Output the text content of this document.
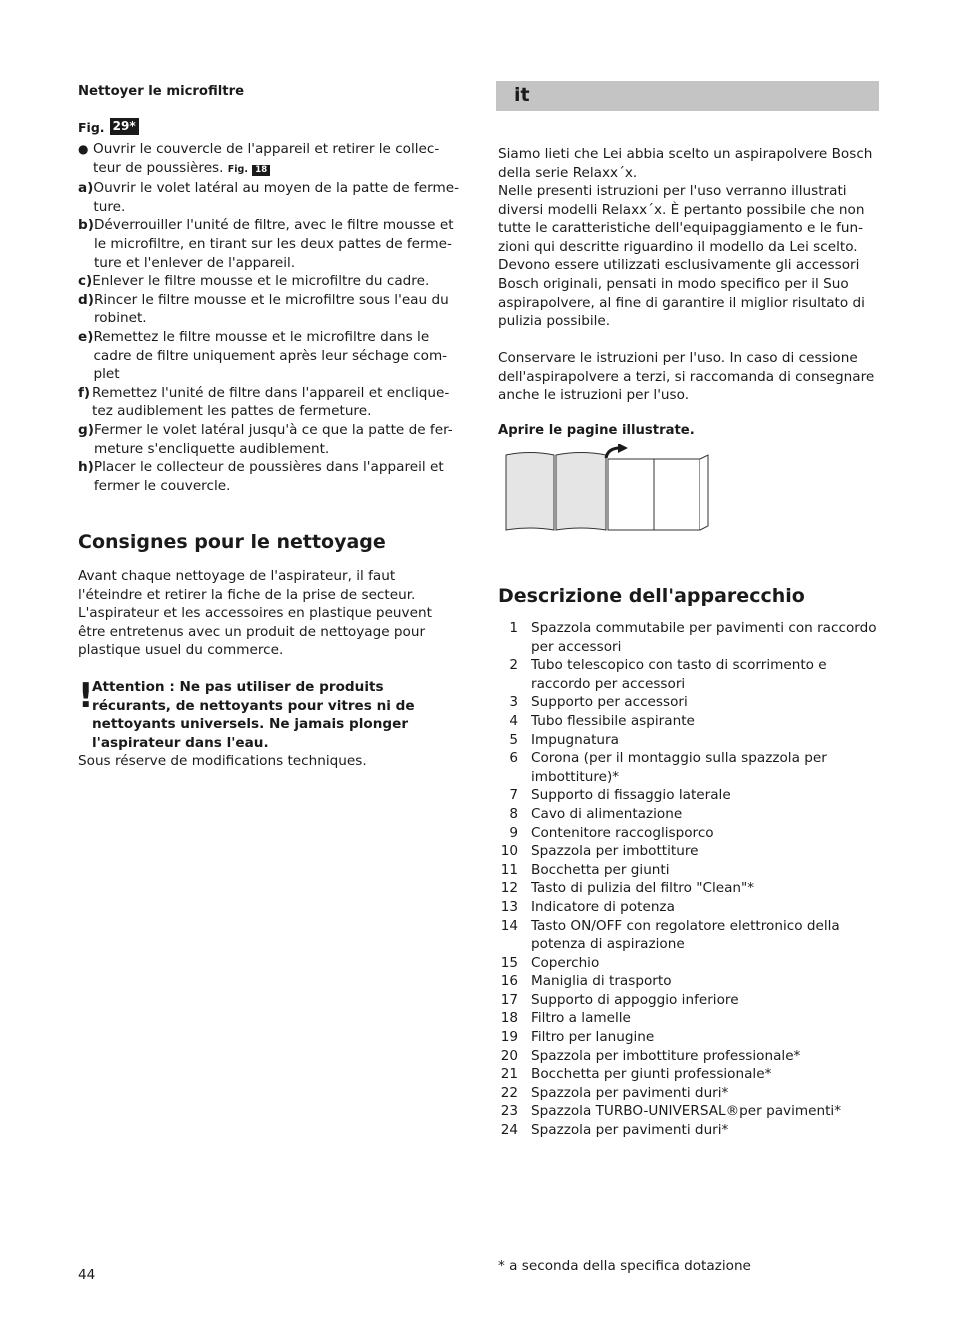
Nettoyer le microfiltre
Fig. 29*
● Ouvrir le couvercle de l'appareil et retirer le collec-teur de poussières. Fig. 18
a) Ouvrir le volet latéral au moyen de la patte de ferme-ture.
b) Déverrouiller l'unité de filtre, avec le filtre mousse et le microfiltre, en tirant sur les deux pattes de ferme-ture et l'enlever de l'appareil.
c) Enlever le filtre mousse et le microfiltre du cadre.
d) Rincer le filtre mousse et le microfiltre sous l'eau du robinet.
e) Remettez le filtre mousse et le microfiltre dans le cadre de filtre uniquement après leur séchage com-plet
f) Remettez l'unité de filtre dans l'appareil et enclique-tez audiblement les pattes de fermeture.
g) Fermer le volet latéral jusqu'à ce que la patte de fer-meture s'encliquette audiblement.
h) Placer le collecteur de poussières dans l'appareil et fermer le couvercle.
Consignes pour le nettoyage
Avant chaque nettoyage de l'aspirateur, il faut l'éteindre et retirer la fiche de la prise de secteur. L'aspirateur et les accessoires en plastique peuvent être entretenus avec un produit de nettoyage pour plastique usuel du commerce.
!
Attention : Ne pas utiliser de produits récurants, de nettoyants pour vitres ni de nettoyants universels. Ne jamais plonger l'aspirateur dans l'eau.
Sous réserve de modifications techniques.
44
it
Siamo lieti che Lei abbia scelto un aspirapolvere Bosch della serie Relaxx´x.
Nelle presenti istruzioni per l'uso verranno illustrati diversi modelli Relaxx´x. È pertanto possibile che non tutte le caratteristiche dell'equipaggiamento e le fun-zioni qui descritte riguardino il modello da Lei scelto. Devono essere utilizzati esclusivamente gli accessori Bosch originali, pensati in modo specifico per il Suo aspirapolvere, al fine di garantire il miglior risultato di pulizia possibile.
Conservare le istruzioni per l'uso. In caso di cessione dell'aspirapolvere a terzi, si raccomanda di consegnare anche le istruzioni per l'uso.
Aprire le pagine illustrate.
Descrizione dell'apparecchio
1 Spazzola commutabile per pavimenti con raccordo per accessori
2 Tubo telescopico con tasto di scorrimento e raccordo per accessori
3 Supporto per accessori
4 Tubo flessibile aspirante
5 Impugnatura
6 Corona (per il montaggio sulla spazzola per imbottiture)*
7 Supporto di fissaggio laterale
8 Cavo di alimentazione
9 Contenitore raccoglisporco
10 Spazzola per imbottiture
11 Bocchetta per giunti
12 Tasto di pulizia del filtro "Clean"*
13 Indicatore di potenza
14 Tasto ON/OFF con regolatore elettronico della potenza di aspirazione
15 Coperchio
16 Maniglia di trasporto
17 Supporto di appoggio inferiore
18 Filtro a lamelle
19 Filtro per lanugine
20 Spazzola per imbottiture professionale*
21 Bocchetta per giunti professionale*
22 Spazzola per pavimenti duri*
23 Spazzola TURBO-UNIVERSAL®per pavimenti*
24 Spazzola per pavimenti duri*
* a seconda della specifica dotazione
